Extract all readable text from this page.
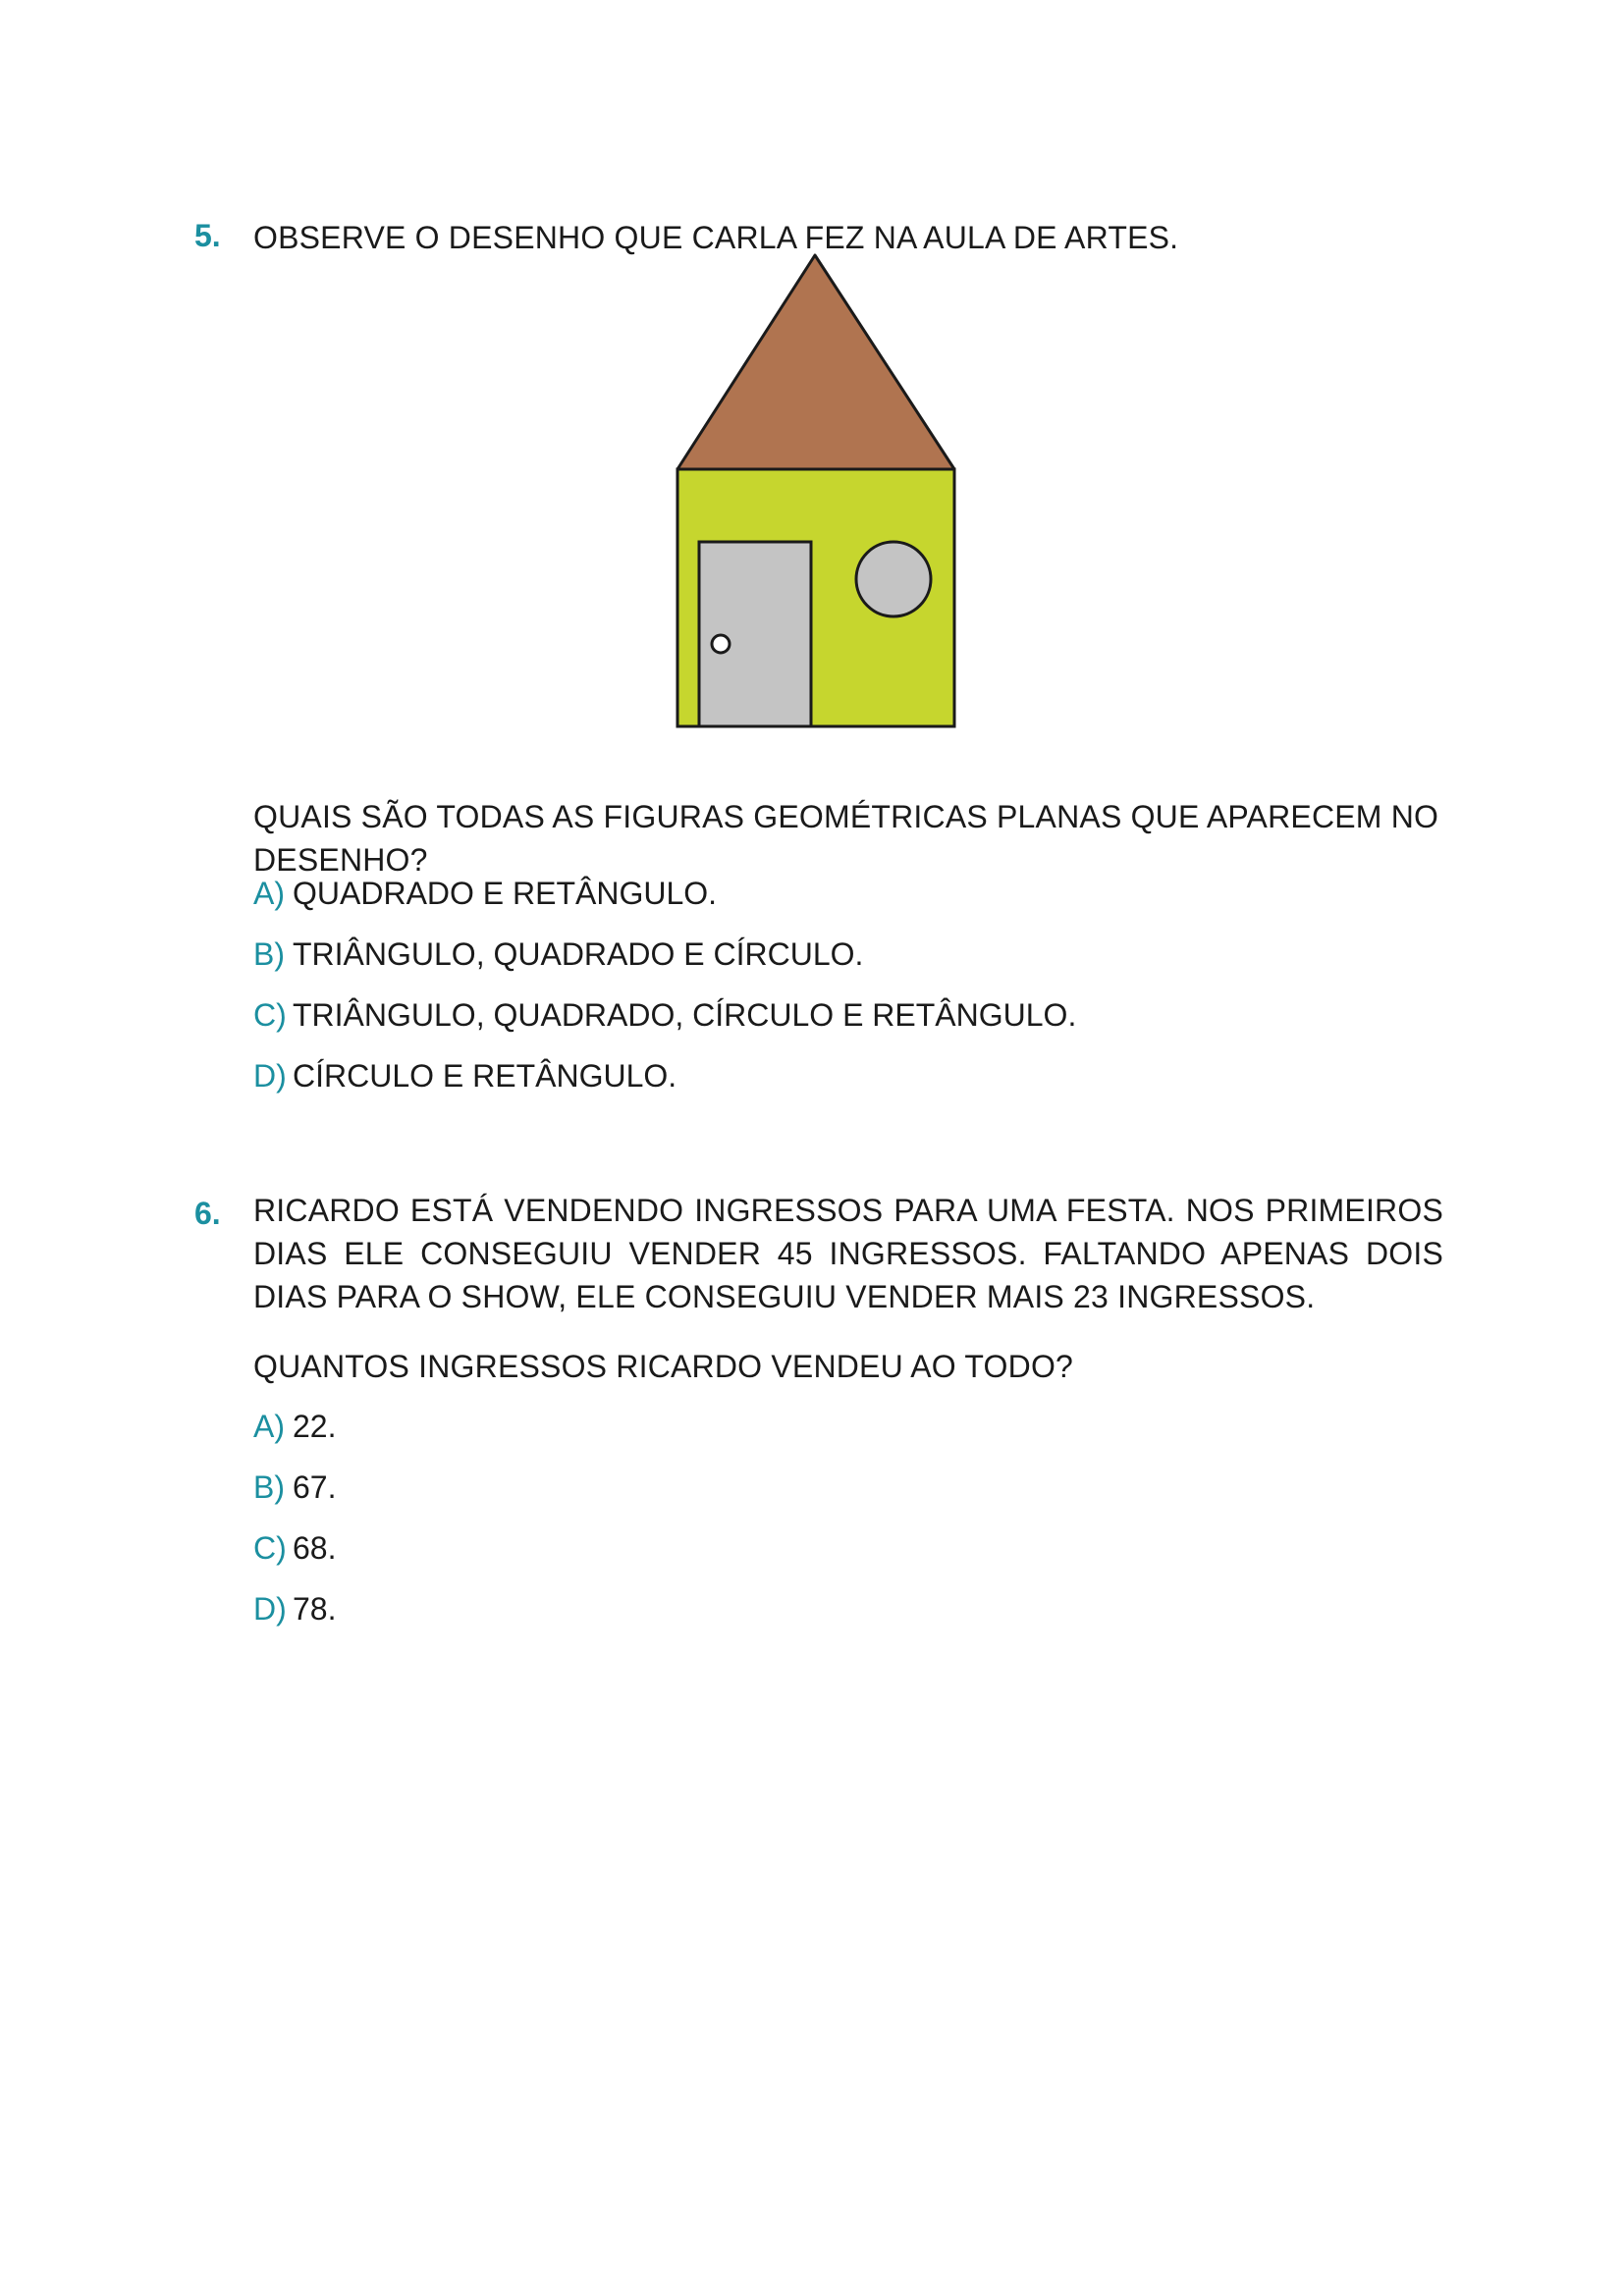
5. OBSERVE O DESENHO QUE CARLA FEZ NA AULA DE ARTES.
QUAIS SÃO TODAS AS FIGURAS GEOMÉTRICAS PLANAS QUE APARECEM NO DESENHO?
A) QUADRADO E RETÂNGULO.
B) TRIÂNGULO, QUADRADO E CÍRCULO.
C) TRIÂNGULO, QUADRADO, CÍRCULO E RETÂNGULO.
D) CÍRCULO E RETÂNGULO.
6. RICARDO ESTÁ VENDENDO INGRESSOS PARA UMA FESTA. NOS PRIMEIROS DIAS ELE CONSEGUIU VENDER 45 INGRESSOS. FALTANDO APENAS DOIS DIAS PARA O SHOW, ELE CONSEGUIU VENDER MAIS 23 INGRESSOS.
QUANTOS INGRESSOS RICARDO VENDEU AO TODO?
A) 22.
B) 67.
C) 68.
D) 78.
